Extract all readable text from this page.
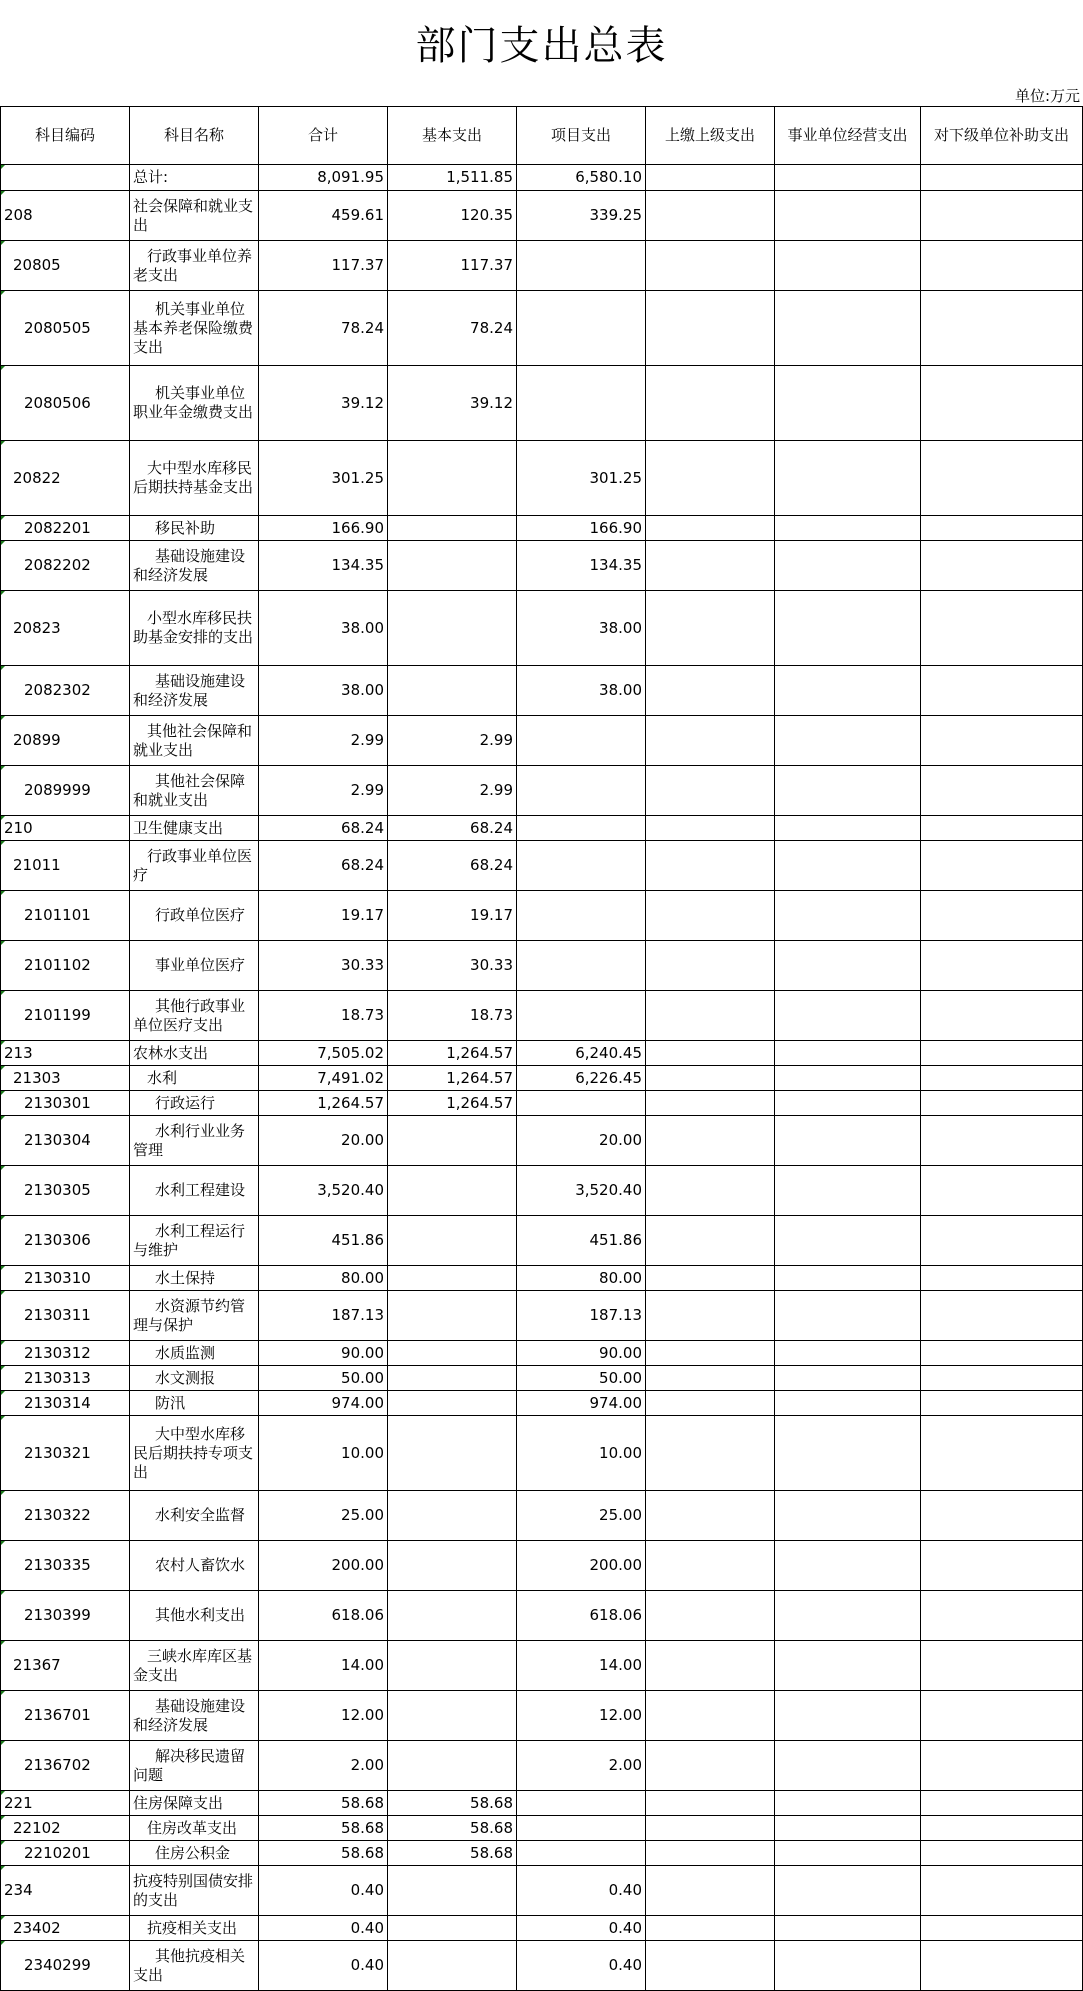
部门支出总表
单位:万元
科目编码	科目名称	合计	基本支出	项目支出	上缴上级支出	事业单位经营支出	对下级单位补助支出
	总计:	8,091.95	1,511.85	6,580.10			
208	社会保障和就业支出	459.61	120.35	339.25			
20805	行政事业单位养老支出	117.37	117.37				
2080505	机关事业单位基本养老保险缴费支出	78.24	78.24				
2080506	机关事业单位职业年金缴费支出	39.12	39.12				
20822	大中型水库移民后期扶持基金支出	301.25		301.25			
2082201	移民补助	166.90		166.90			
2082202	基础设施建设和经济发展	134.35		134.35			
20823	小型水库移民扶助基金安排的支出	38.00		38.00			
2082302	基础设施建设和经济发展	38.00		38.00			
20899	其他社会保障和就业支出	2.99	2.99				
2089999	其他社会保障和就业支出	2.99	2.99				
210	卫生健康支出	68.24	68.24				
21011	行政事业单位医疗	68.24	68.24				
2101101	行政单位医疗	19.17	19.17				
2101102	事业单位医疗	30.33	30.33				
2101199	其他行政事业单位医疗支出	18.73	18.73				
213	农林水支出	7,505.02	1,264.57	6,240.45			
21303	水利	7,491.02	1,264.57	6,226.45			
2130301	行政运行	1,264.57	1,264.57				
2130304	水利行业业务管理	20.00		20.00			
2130305	水利工程建设	3,520.40		3,520.40			
2130306	水利工程运行与维护	451.86		451.86			
2130310	水土保持	80.00		80.00			
2130311	水资源节约管理与保护	187.13		187.13			
2130312	水质监测	90.00		90.00			
2130313	水文测报	50.00		50.00			
2130314	防汛	974.00		974.00			
2130321	大中型水库移民后期扶持专项支出	10.00		10.00			
2130322	水利安全监督	25.00		25.00			
2130335	农村人畜饮水	200.00		200.00			
2130399	其他水利支出	618.06		618.06			
21367	三峡水库库区基金支出	14.00		14.00			
2136701	基础设施建设和经济发展	12.00		12.00			
2136702	解决移民遗留问题	2.00		2.00			
221	住房保障支出	58.68	58.68				
22102	住房改革支出	58.68	58.68				
2210201	住房公积金	58.68	58.68				
234	抗疫特别国债安排的支出	0.40		0.40			
23402	抗疫相关支出	0.40		0.40			
2340299	其他抗疫相关支出	0.40		0.40			
